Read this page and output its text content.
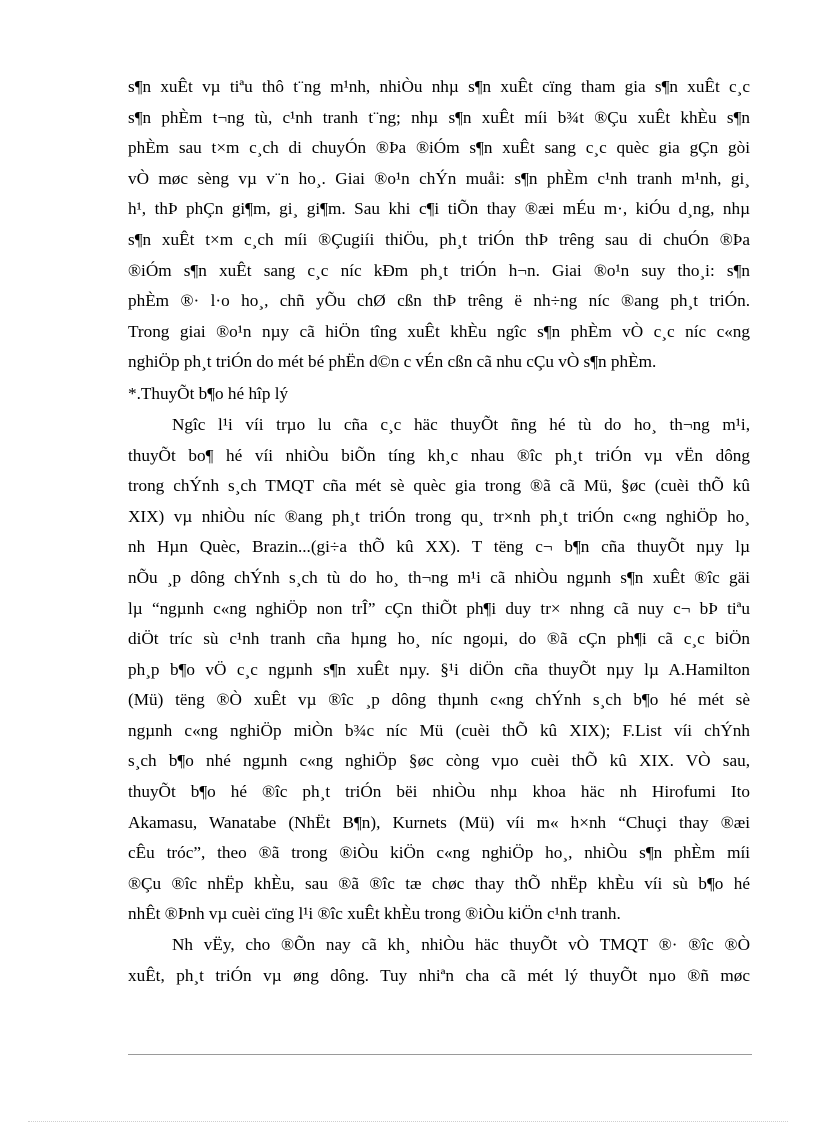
s¶n xuÊt vµ tiªu thô t¨ng m¹nh, nhiÒu nhµ s¶n xuÊt cïng tham gia s¶n xuÊt c¸c

s¶n phÈm t¬ng tù, c¹nh tranh t¨ng; nhµ s¶n xuÊt míi b¾t ®Çu xuÊt khÈu s¶n

phÈm sau t×m c¸ch di chuyÓn ®Þa ®iÓm s¶n xuÊt sang c¸c quèc gia gÇn gòi

vÒ møc sèng vµ v¨n ho¸. Giai ®o¹n chÝn muåi: s¶n phÈm c¹nh tranh m¹nh, gi¸

h¹, thÞ phÇn gi¶m, gi¸ gi¶m. Sau khi c¶i tiÕn thay ®æi mÉu m·, kiÓu d¸ng, nhµ

s¶n xuÊt t×m c¸ch míi ®Çugiíi thiÖu, ph¸t triÓn thÞ trêng sau di chuÓn ®Þa

®iÓm s¶n xuÊt sang c¸c níc kÐm ph¸t triÓn h¬n. Giai ®o¹n suy tho¸i: s¶n

phÈm ®· l·o ho¸, chñ yÕu chØ cßn thÞ trêng ë nh÷ng níc ®ang ph¸t triÓn.

Trong giai ®o¹n nµy cã hiÖn tîng xuÊt khÈu ngîc s¶n phÈm vÒ c¸c níc c«ng

nghiÖp ph¸t triÓn do mét bé phËn d©n c vÉn cßn cã nhu cÇu vÒ s¶n phÈm.

*.ThuyÕt b¶o hé hîp lý

Ngîc l¹i víi trµo lu cña c¸c häc thuyÕt ñng hé tù do ho¸ th¬ng m¹i,

thuyÕt bo¶ hé víi nhiÒu biÕn tíng kh¸c nhau ®îc ph¸t triÓn vµ vËn dông

trong chÝnh s¸ch TMQT cña mét sè quèc gia trong ®ã cã Mü, §øc (cuèi thÕ kû

XIX) vµ nhiÒu níc ®ang ph¸t triÓn trong qu¸ tr×nh ph¸t triÓn c«ng nghiÖp ho¸

nh Hµn Quèc, Brazin...(gi÷a thÕ kû XX). T tëng c¬ b¶n cña thuyÕt nµy lµ

nÕu ¸p dông chÝnh s¸ch tù do ho¸ th¬ng m¹i cã nhiÒu ngµnh s¶n xuÊt ®îc gäi

lµ “ngµnh c«ng nghiÖp non trÎ” cÇn thiÕt ph¶i duy tr× nhng cã nuy c¬ bÞ tiªu

diÖt tríc sù c¹nh tranh cña hµng ho¸ níc ngoµi, do ®ã cÇn ph¶i cã c¸c biÖn

ph¸p b¶o vÖ c¸c ngµnh s¶n xuÊt nµy. §¹i diÖn cña thuyÕt nµy lµ A.Hamilton

(Mü) tëng ®Ò xuÊt vµ ®îc ¸p dông thµnh c«ng chÝnh s¸ch b¶o hé mét sè

ngµnh c«ng nghiÖp miÒn b¾c níc Mü (cuèi thÕ kû XIX); F.List víi chÝnh

s¸ch b¶o nhé ngµnh c«ng nghiÖp §øc còng vµo cuèi thÕ kû XIX. VÒ sau,

thuyÕt b¶o hé ®îc ph¸t triÓn bëi nhiÒu nhµ khoa häc nh Hirofumi Ito

Akamasu, Wanatabe (NhËt B¶n), Kurnets (Mü) víi m« h×nh “Chuçi thay ®æi

cÊu tróc”, theo ®ã trong ®iÒu kiÖn c«ng nghiÖp ho¸, nhiÒu s¶n phÈm míi

®Çu ®îc nhËp khÈu, sau ®ã ®îc tæ chøc thay thÕ nhËp khÈu víi sù b¶o hé

nhÊt ®Þnh vµ cuèi cïng l¹i ®îc xuÊt khÈu trong ®iÒu kiÖn c¹nh tranh.

Nh vËy, cho ®Õn nay cã kh¸ nhiÒu häc thuyÕt vÒ TMQT ®· ®îc ®Ò

xuÊt, ph¸t triÓn vµ øng dông. Tuy nhiªn cha cã mét lý thuyÕt nµo ®ñ møc
